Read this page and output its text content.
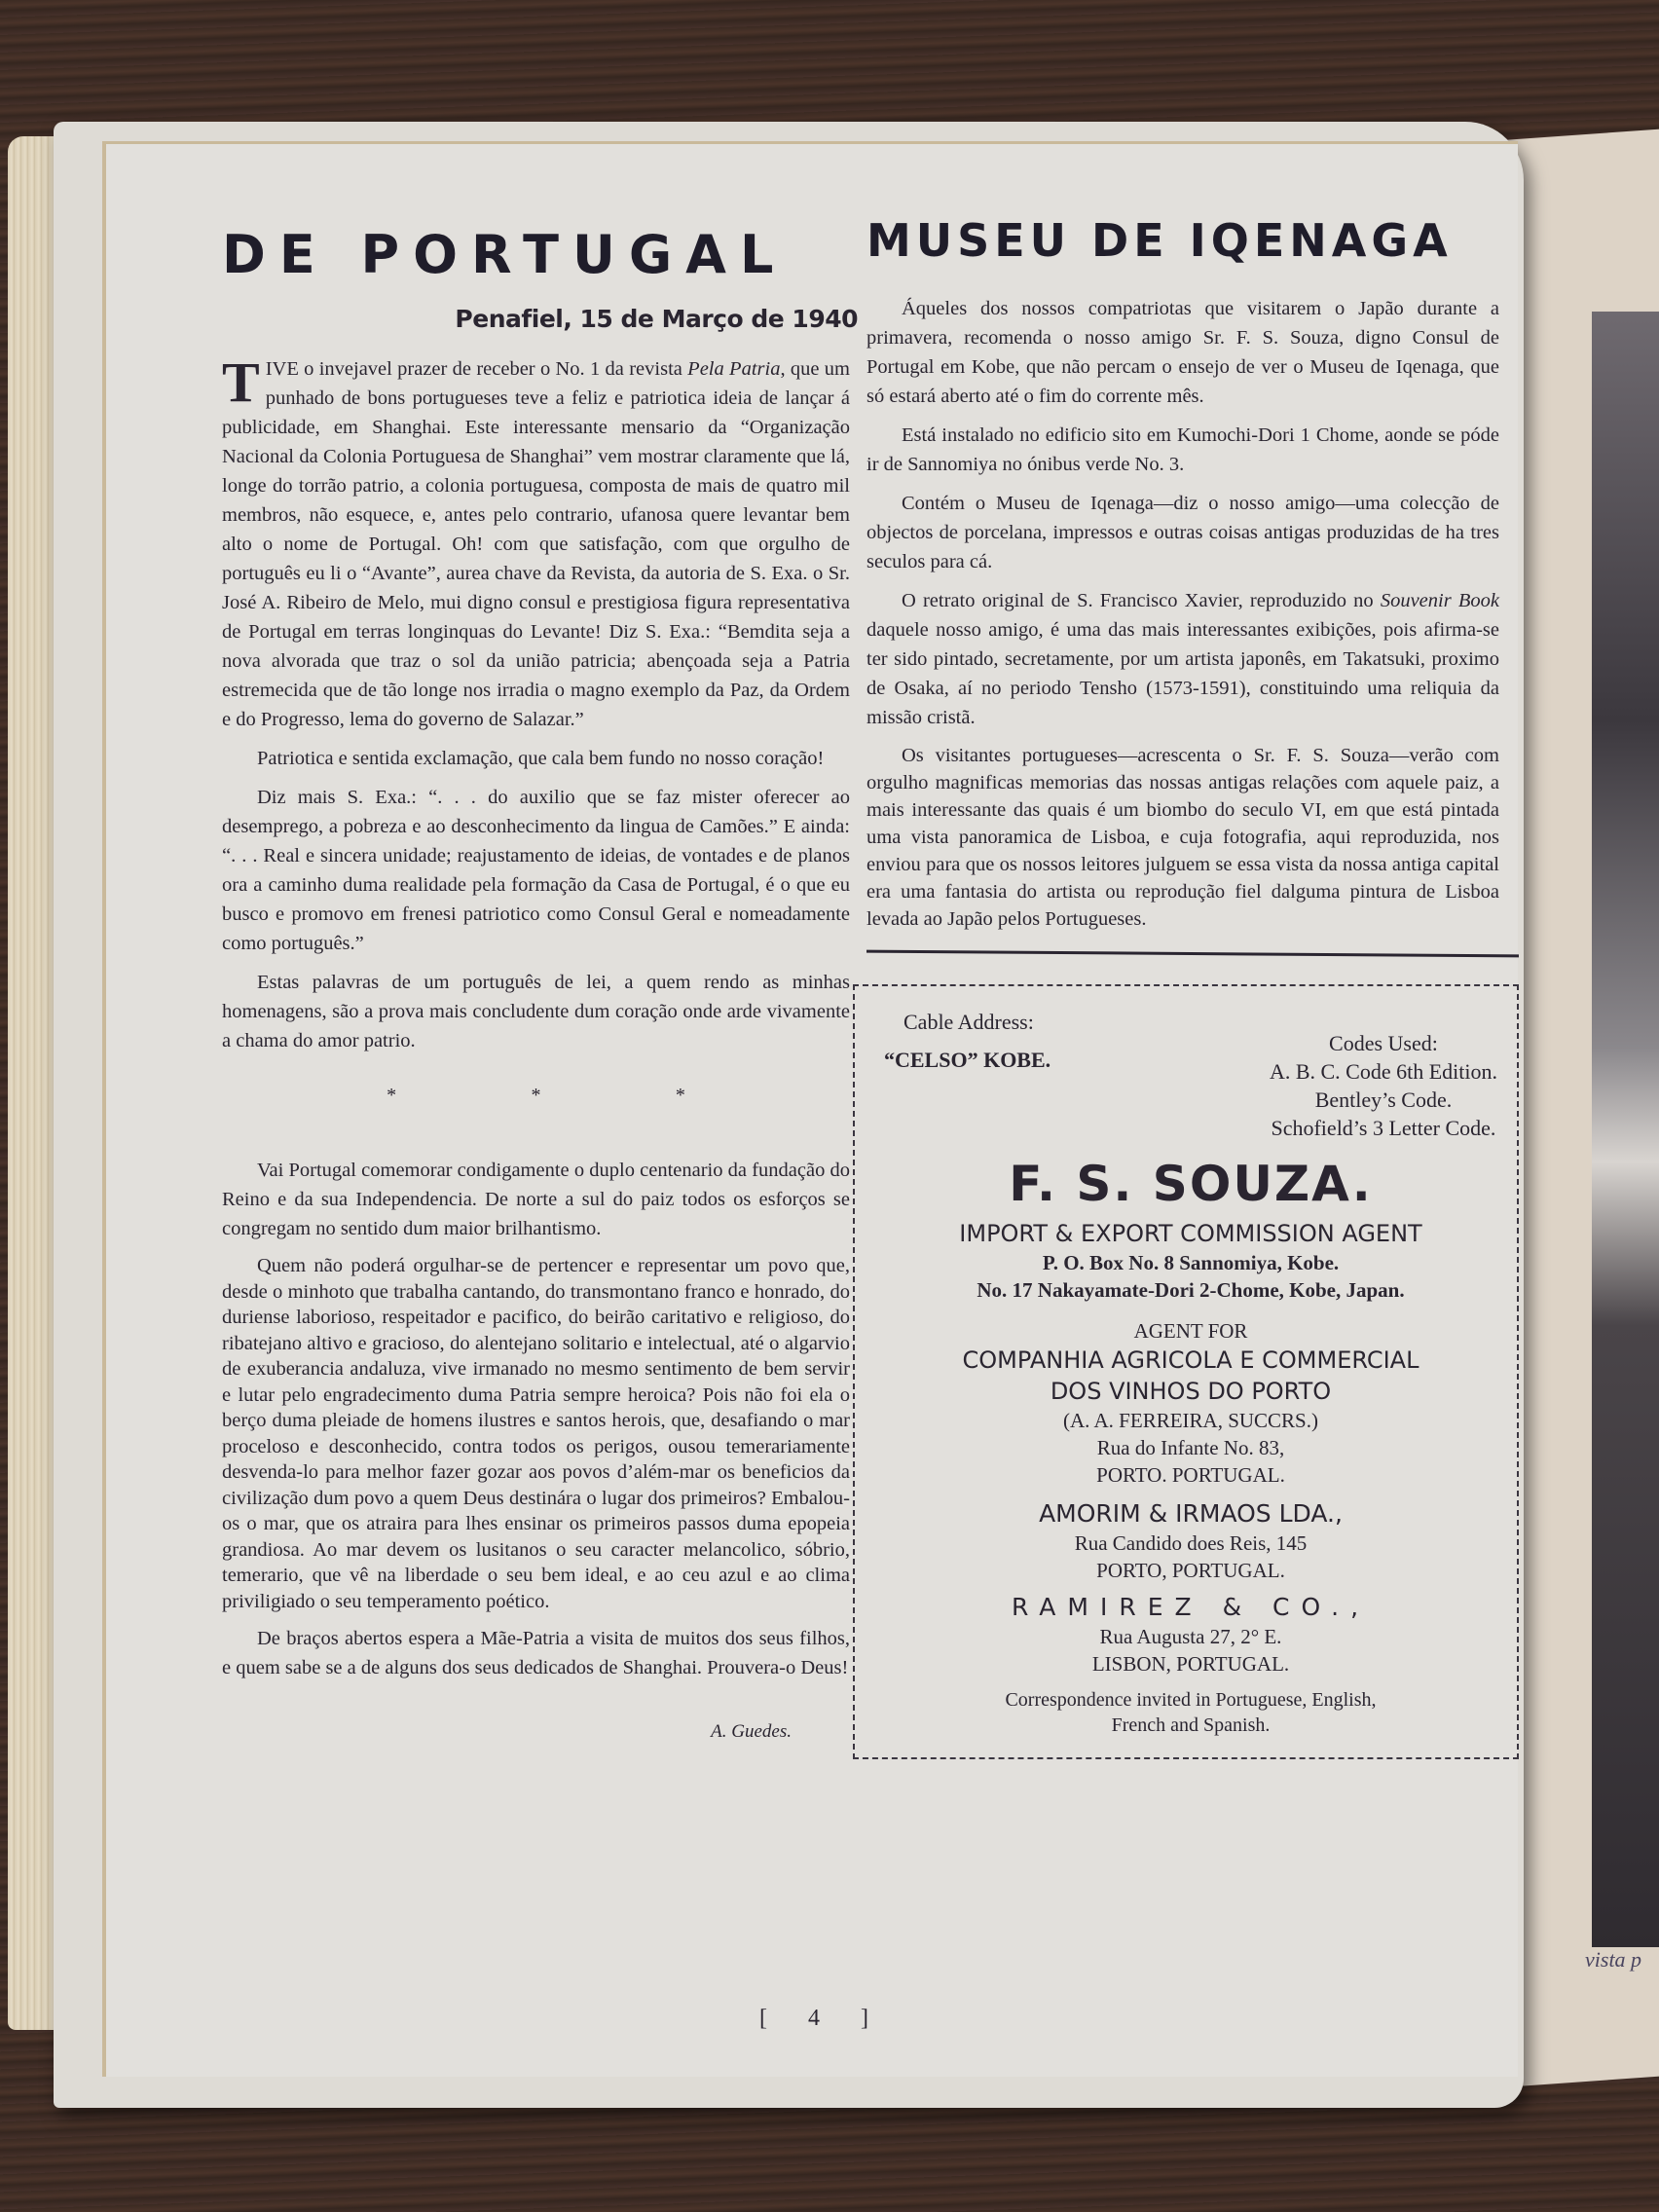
vista p
DE PORTUGAL
Penafiel, 15 de Março de 1940

TIVE o invejavel prazer de receber o No. 1 da revista Pela Patria, que um punhado de bons portugueses teve a feliz e patriotica ideia de lançar á publicidade, em Shanghai. Este interessante mensario da “Organização Nacional da Colonia Portuguesa de Shanghai” vem mostrar claramente que lá, longe do torrão patrio, a colonia portuguesa, composta de mais de quatro mil membros, não esquece, e, antes pelo contrario, ufanosa quere levantar bem alto o nome de Portugal. Oh! com que satisfação, com que orgulho de português eu li o “Avante”, aurea chave da Revista, da autoria de S. Exa. o Sr. José A. Ribeiro de Melo, mui digno consul e prestigiosa figura representativa de Portugal em terras longinquas do Levante! Diz S. Exa.: “Bemdita seja a nova alvorada que traz o sol da união patricia; abençoada seja a Patria estremecida que de tão longe nos irradia o magno exemplo da Paz, da Ordem e do Progresso, lema do governo de Salazar.”

Patriotica e sentida exclamação, que cala bem fundo no nosso coração!

Diz mais S. Exa.: “. . . do auxilio que se faz mister oferecer ao desemprego, a pobreza e ao desconhecimento da lingua de Camões.” E ainda: “. . . Real e sincera unidade; reajustamento de ideias, de vontades e de planos ora a caminho duma realidade pela formação da Casa de Portugal, é o que eu busco e promovo em frenesi patriotico como Consul Geral e nomeadamente como português.”

Estas palavras de um português de lei, a quem rendo as minhas homenagens, são a prova mais concludente dum coração onde arde vivamente a chama do amor patrio.

*	*	*

Vai Portugal comemorar condigamente o duplo centenario da fundação do Reino e da sua Independencia. De norte a sul do paiz todos os esforços se congregam no sentido dum maior brilhantismo.

Quem não poderá orgulhar-se de pertencer e representar um povo que, desde o minhoto que trabalha cantando, do transmontano franco e honrado, do duriense laborioso, respeitador e pacifico, do beirão caritativo e religioso, do ribatejano altivo e gracioso, do alentejano solitario e intelectual, até o algarvio de exuberancia andaluza, vive irmanado no mesmo sentimento de bem servir e lutar pelo engradecimento duma Patria sempre heroica? Pois não foi ela o berço duma pleiade de homens ilustres e santos herois, que, desafiando o mar proceloso e desconhecido, contra todos os perigos, ousou temerariamente desvenda-lo para melhor fazer gozar aos povos d’além-mar os beneficios da civilização dum povo a quem Deus destinára o lugar dos primeiros? Embalou-os o mar, que os atraira para lhes ensinar os primeiros passos duma epopeia grandiosa. Ao mar devem os lusitanos o seu caracter melancolico, sóbrio, temerario, que vê na liberdade o seu bem ideal, e ao ceu azul e ao clima priviligiado o seu temperamento poético.

De braços abertos espera a Mãe-Patria a visita de muitos dos seus filhos, e quem sabe se a de alguns dos seus dedicados de Shanghai. Prouvera-o Deus!

A. Guedes.
MUSEU DE IQENAGA

Áqueles dos nossos compatriotas que visitarem o Japão durante a primavera, recomenda o nosso amigo Sr. F. S. Souza, digno Consul de Portugal em Kobe, que não percam o ensejo de ver o Museu de Iqenaga, que só estará aberto até o fim do corrente mês.

Está instalado no edificio sito em Kumochi-Dori 1 Chome, aonde se póde ir de Sannomiya no ónibus verde No. 3.

Contém o Museu de Iqenaga—diz o nosso amigo—uma colecção de objectos de porcelana, impressos e outras coisas antigas produzidas de ha tres seculos para cá.

O retrato original de S. Francisco Xavier, reproduzido no Souvenir Book daquele nosso amigo, é uma das mais interessantes exibições, pois afirma-se ter sido pintado, secretamente, por um artista japonês, em Takatsuki, proximo de Osaka, aí no periodo Tensho (1573-1591), constituindo uma reliquia da missão cristã.

Os visitantes portugueses—acrescenta o Sr. F. S. Souza—verão com orgulho magnificas memorias das nossas antigas relações com aquele paiz, a mais interessante das quais é um biombo do seculo VI, em que está pintada uma vista panoramica de Lisboa, e cuja fotografia, aqui reproduzida, nos enviou para que os nossos leitores julguem se essa vista da nossa antiga capital era uma fantasia do artista ou reprodução fiel dalguma pintura de Lisboa levada ao Japão pelos Portugueses.

Cable Address:
“CELSO” KOBE.
Codes Used:
A. B. C. Code 6th Edition.
Bentley’s Code.
Schofield’s 3 Letter Code.
F. S. SOUZA.
IMPORT & EXPORT COMMISSION AGENT
P. O. Box No. 8 Sannomiya, Kobe.
No. 17 Nakayamate-Dori 2-Chome, Kobe, Japan.
AGENT FOR
COMPANHIA AGRICOLA E COMMERCIAL
DOS VINHOS DO PORTO
(A. A. FERREIRA, SUCCRS.)
Rua do Infante No. 83,
PORTO. PORTUGAL.
AMORIM & IRMAOS LDA.,
Rua Candido does Reis, 145
PORTO, PORTUGAL.
RAMIREZ & CO.,
Rua Augusta 27, 2° E.
LISBON, PORTUGAL.
Correspondence invited in Portuguese, English,
French and Spanish.
[ 4 ]
